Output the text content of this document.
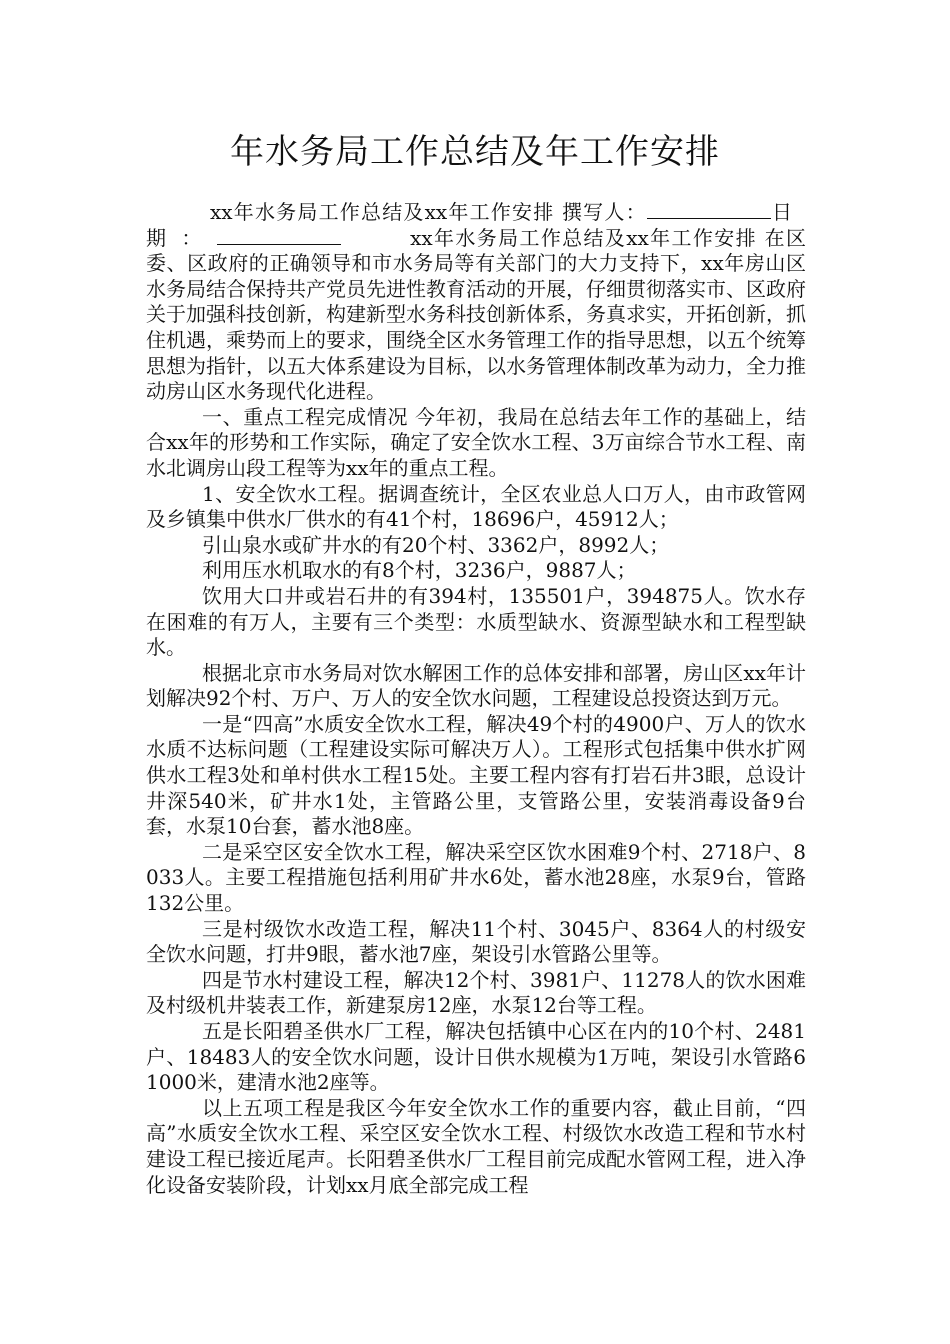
年水务局工作总结及年工作安排

xx年水务局工作总结及xx年工作安排 撰写人：	日期：	xx年水务局工作总结及xx年工作安排 在区委、区政府的正确领导和市水务局等有关部门的大力支持下，xx年房山区水务局结合保持共产党员先进性教育活动的开展，仔细贯彻落实市、区政府关于加强科技创新，构建新型水务科技创新体系，务真求实，开拓创新，抓住机遇，乘势而上的要求，围绕全区水务管理工作的指导思想，以五个统筹思想为指针，以五大体系建设为目标，以水务管理体制改革为动力，全力推动房山区水务现代化进程。

一、重点工程完成情况 今年初，我局在总结去年工作的基础上，结合xx年的形势和工作实际，确定了安全饮水工程、3万亩综合节水工程、南水北调房山段工程等为xx年的重点工程。

1、安全饮水工程。据调查统计，全区农业总人口万人，由市政管网及乡镇集中供水厂供水的有41个村，18696户，45912人；

引山泉水或矿井水的有20个村、3362户，8992人；

利用压水机取水的有8个村，3236户，9887人；

饮用大口井或岩石井的有394村，135501户，394875人。饮水存在困难的有万人，主要有三个类型：水质型缺水、资源型缺水和工程型缺水。

根据北京市水务局对饮水解困工作的总体安排和部署，房山区xx年计划解决92个村、万户、万人的安全饮水问题，工程建设总投资达到万元。

一是“四高”水质安全饮水工程，解决49个村的4900户、万人的饮水水质不达标问题（工程建设实际可解决万人）。工程形式包括集中供水扩网供水工程3处和单村供水工程15处。主要工程内容有打岩石井3眼，总设计井深540米，矿井水1处，主管路公里，支管路公里，安装消毒设备9台套，水泵10台套，蓄水池8座。

二是采空区安全饮水工程，解决采空区饮水困难9个村、2718户、8033人。主要工程措施包括利用矿井水6处，蓄水池28座，水泵9台，管路132公里。

三是村级饮水改造工程，解决11个村、3045户、8364人的村级安全饮水问题，打井9眼，蓄水池7座，架设引水管路公里等。

四是节水村建设工程，解决12个村、3981户、11278人的饮水困难及村级机井装表工作，新建泵房12座，水泵12台等工程。

五是长阳碧圣供水厂工程，解决包括镇中心区在内的10个村、2481户、18483人的安全饮水问题，设计日供水规模为1万吨，架设引水管路61000米，建清水池2座等。

以上五项工程是我区今年安全饮水工作的重要内容，截止目前，“四高”水质安全饮水工程、采空区安全饮水工程、村级饮水改造工程和节水村建设工程已接近尾声。长阳碧圣供水厂工程目前完成配水管网工程，进入净化设备安装阶段，计划xx月底全部完成工程
